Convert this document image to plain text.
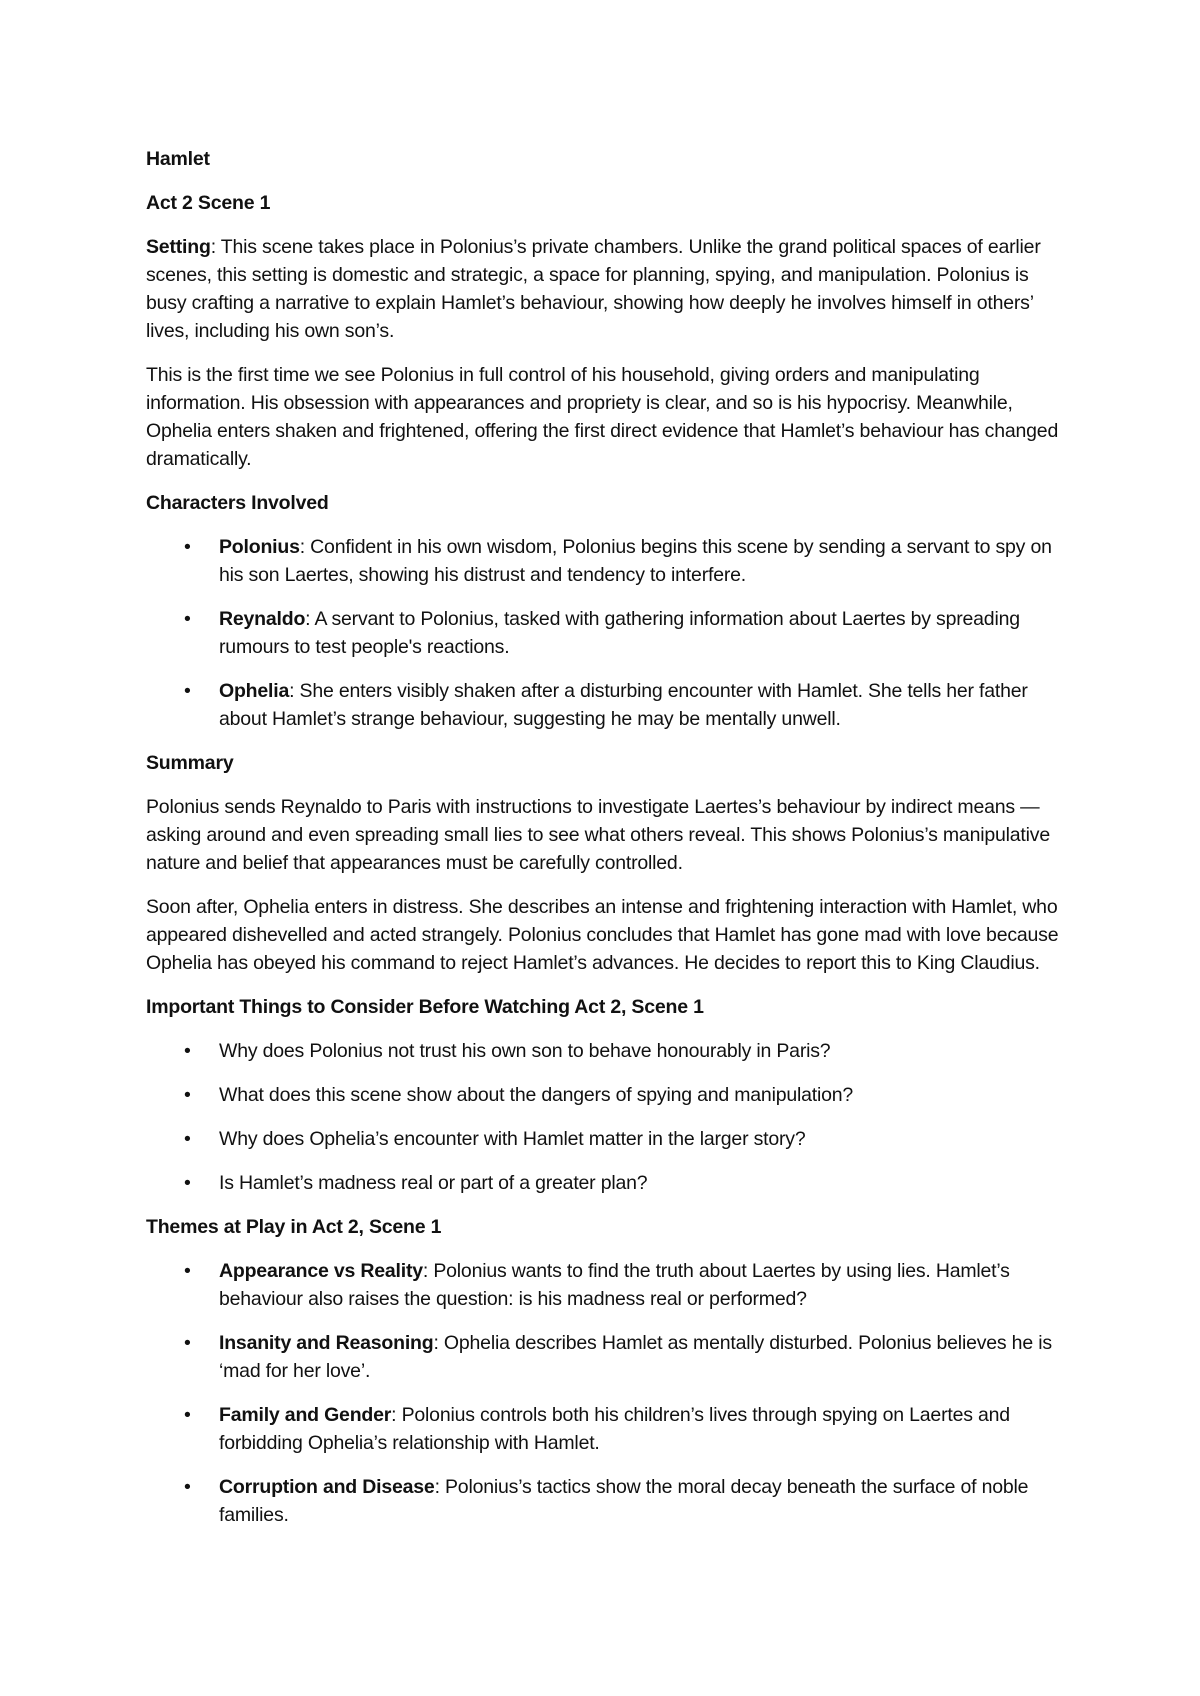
Hamlet
Act 2 Scene 1

Setting: This scene takes place in Polonius’s private chambers. Unlike the grand political spaces of earlier scenes, this setting is domestic and strategic, a space for planning, spying, and manipulation. Polonius is busy crafting a narrative to explain Hamlet’s behaviour, showing how deeply he involves himself in others’ lives, including his own son’s.

This is the first time we see Polonius in full control of his household, giving orders and manipulating information. His obsession with appearances and propriety is clear, and so is his hypocrisy. Meanwhile, Ophelia enters shaken and frightened, offering the first direct evidence that Hamlet’s behaviour has changed dramatically.

Characters Involved
• Polonius: Confident in his own wisdom, Polonius begins this scene by sending a servant to spy on his son Laertes, showing his distrust and tendency to interfere.
• Reynaldo: A servant to Polonius, tasked with gathering information about Laertes by spreading rumours to test people's reactions.
• Ophelia: She enters visibly shaken after a disturbing encounter with Hamlet. She tells her father about Hamlet’s strange behaviour, suggesting he may be mentally unwell.
Summary

Polonius sends Reynaldo to Paris with instructions to investigate Laertes’s behaviour by indirect means — asking around and even spreading small lies to see what others reveal. This shows Polonius’s manipulative nature and belief that appearances must be carefully controlled.

Soon after, Ophelia enters in distress. She describes an intense and frightening interaction with Hamlet, who appeared dishevelled and acted strangely. Polonius concludes that Hamlet has gone mad with love because Ophelia has obeyed his command to reject Hamlet’s advances. He decides to report this to King Claudius.

Important Things to Consider Before Watching Act 2, Scene 1
• Why does Polonius not trust his own son to behave honourably in Paris?
• What does this scene show about the dangers of spying and manipulation?
• Why does Ophelia’s encounter with Hamlet matter in the larger story?
• Is Hamlet’s madness real or part of a greater plan?
Themes at Play in Act 2, Scene 1
• Appearance vs Reality: Polonius wants to find the truth about Laertes by using lies. Hamlet’s behaviour also raises the question: is his madness real or performed?
• Insanity and Reasoning: Ophelia describes Hamlet as mentally disturbed. Polonius believes he is ‘mad for her love’.
• Family and Gender: Polonius controls both his children’s lives through spying on Laertes and forbidding Ophelia’s relationship with Hamlet.
• Corruption and Disease: Polonius’s tactics show the moral decay beneath the surface of noble families.
